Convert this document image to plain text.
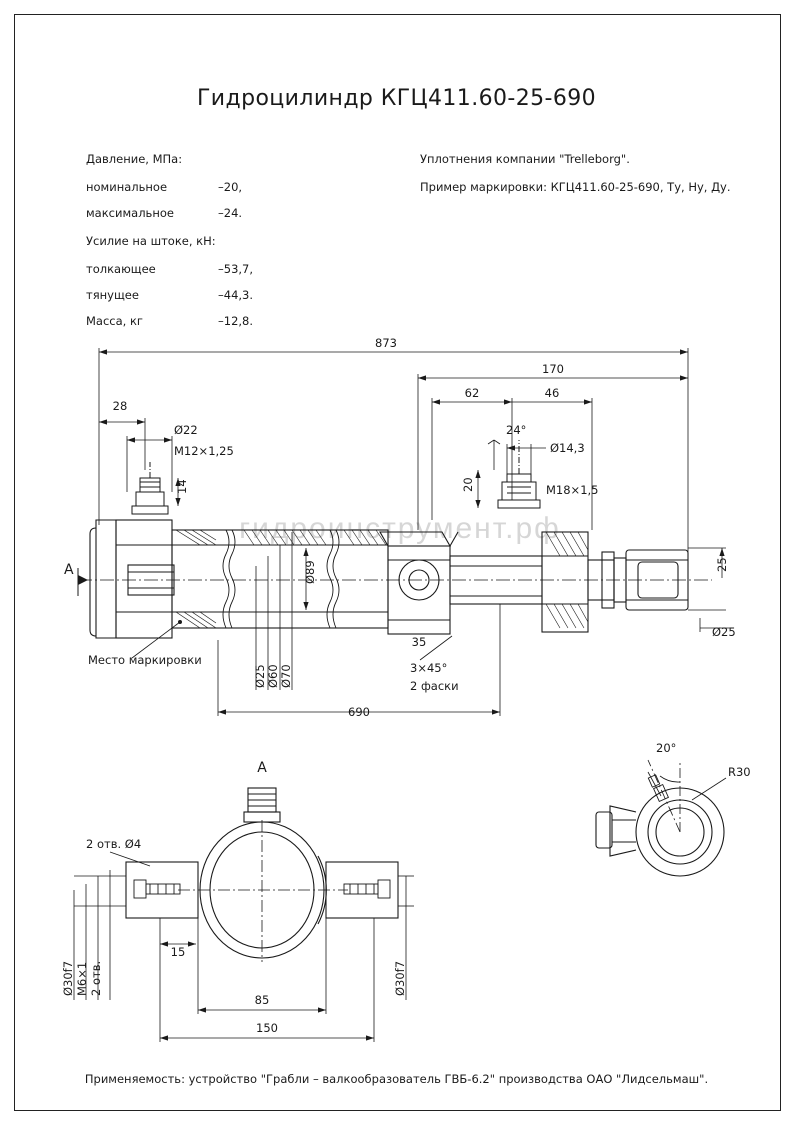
Гидроцилиндр КГЦ411.60-25-690
Давление, МПа:
номинальное	–20,
максимальное	–24.
Усилие на штоке, кН:
толкающее	–53,7,
тянущее	–44,3.
Масса, кг	–12,8.
Уплотнения компании "Trelleborg".
Пример маркировки: КГЦ411.60-25-690, Ту, Ну, Ду.
гидроинструмент.рф
873
170
62	46
28
Ø22
M12×1,25
14
24°
Ø14,3
M18×1,5
20
Ø89
Ø70
Ø60
Ø25
35
3×45°
2 фаски
690
25
Ø25
Место маркировки
А
А
2 отв. Ø4
Ø30f7 M6×1 2 отв.	Ø30f7
15
85
150
20°
R30
Применяемость: устройство "Грабли – валкообразователь ГВБ-6.2" производства ОАО "Лидсельмаш".
